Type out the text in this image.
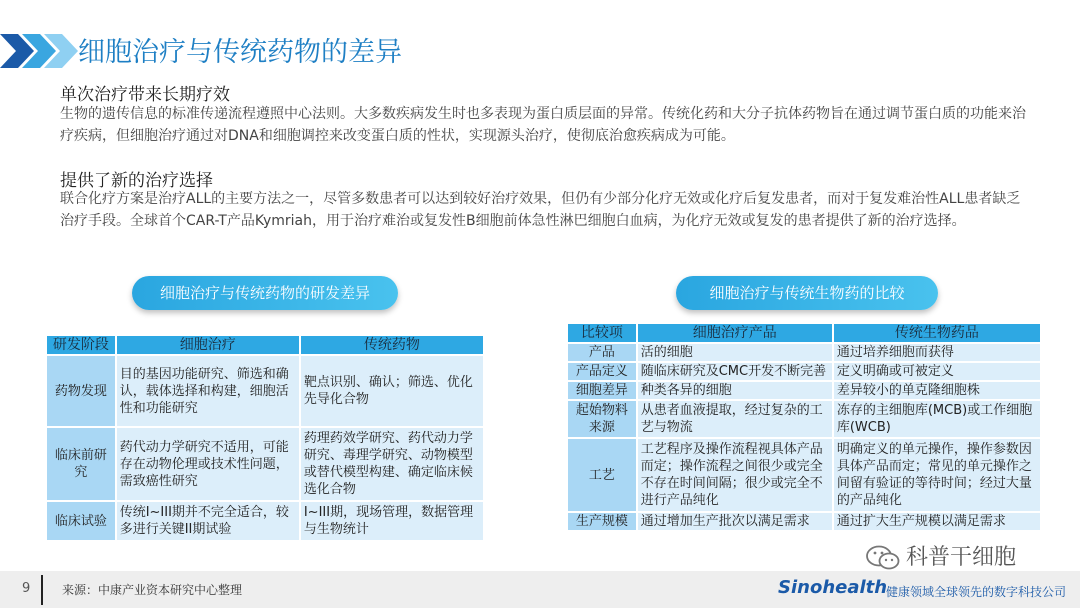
细胞治疗与传统药物的差异
单次治疗带来长期疗效
生物的遗传信息的标准传递流程遵照中心法则。大多数疾病发生时也多表现为蛋白质层面的异常。传统化药和大分子抗体药物旨在通过调节蛋白质的功能来治疗疾病，但细胞治疗通过对DNA和细胞调控来改变蛋白质的性状，实现源头治疗，使彻底治愈疾病成为可能。
提供了新的治疗选择
联合化疗方案是治疗ALL的主要方法之一，尽管多数患者可以达到较好治疗效果，但仍有少部分化疗无效或化疗后复发患者，而对于复发难治性ALL患者缺乏治疗手段。全球首个CAR-T产品Kymriah，用于治疗难治或复发性B细胞前体急性淋巴细胞白血病，为化疗无效或复发的患者提供了新的治疗选择。
细胞治疗与传统药物的研发差异
研发阶段	细胞治疗	传统药物
药物发现	目的基因功能研究、筛选和确认，载体选择和构建，细胞活性和功能研究	靶点识别、确认；筛选、优化先导化合物
临床前研究	药代动力学研究不适用，可能存在动物伦理或技术性问题，需致癌性研究	药理药效学研究、药代动力学研究、毒理学研究、动物模型或替代模型构建、确定临床候选化合物
临床试验	传统I~III期并不完全适合，较多进行关键II期试验	I~III期，现场管理，数据管理与生物统计
细胞治疗与传统生物药的比较
比较项	细胞治疗产品	传统生物药品
产品	活的细胞	通过培养细胞而获得
产品定义	随临床研究及CMC开发不断完善	定义明确或可被定义
细胞差异	种类各异的细胞	差异较小的单克隆细胞株
起始物料来源	从患者血液提取，经过复杂的工艺与物流	冻存的主细胞库(MCB)或工作细胞库(WCB)
工艺	工艺程序及操作流程视具体产品而定；操作流程之间很少或完全不存在时间间隔；很少或完全不进行产品纯化	明确定义的单元操作，操作参数因具体产品而定；常见的单元操作之间留有验证的等待时间；经过大量的产品纯化
生产规模	通过增加生产批次以满足需求	通过扩大生产规模以满足需求
科普干细胞
9	来源：中康产业资本研究中心整理	Sinohealth
健康领域全球领先的数字科技公司
